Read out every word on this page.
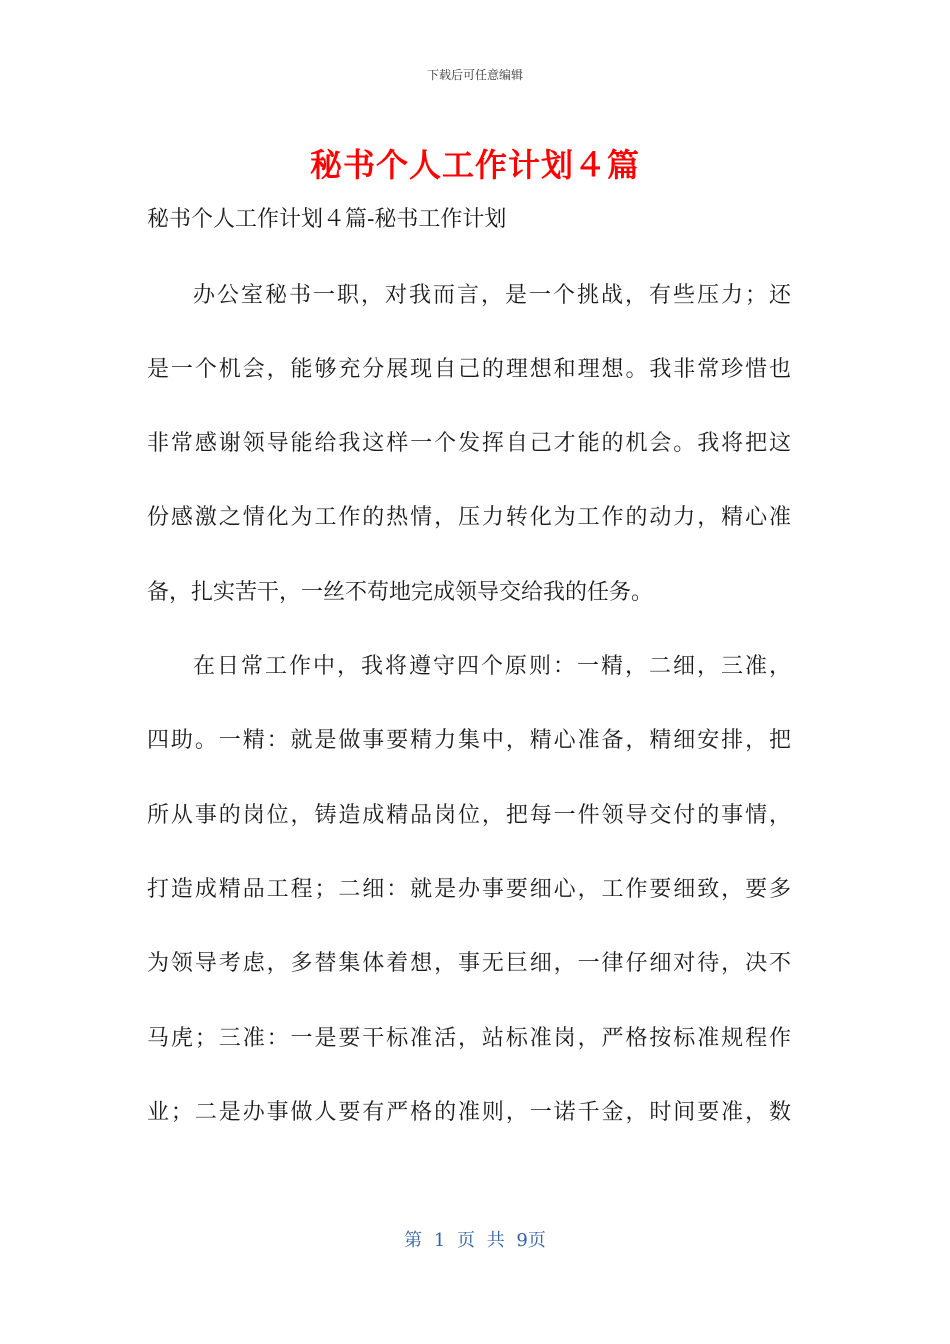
下载后可任意编辑
秘书个人工作计划４篇
秘书个人工作计划４篇-秘书工作计划
办公室秘书一职，对我而言，是一个挑战，有些压力；还
是一个机会，能够充分展现自己的理想和理想。我非常珍惜也
非常感谢领导能给我这样一个发挥自己才能的机会。我将把这
份感激之情化为工作的热情，压力转化为工作的动力，精心准
备，扎实苦干，一丝不苟地完成领导交给我的任务。
在日常工作中，我将遵守四个原则：一精，二细，三准，
四助。一精：就是做事要精力集中，精心准备，精细安排，把
所从事的岗位，铸造成精品岗位，把每一件领导交付的事情，
打造成精品工程；二细：就是办事要细心，工作要细致，要多
为领导考虑，多替集体着想，事无巨细，一律仔细对待，决不
马虎；三准：一是要干标准活，站标准岗，严格按标准规程作
业；二是办事做人要有严格的准则，一诺千金，时间要准，数
第 1 页 共 9页
